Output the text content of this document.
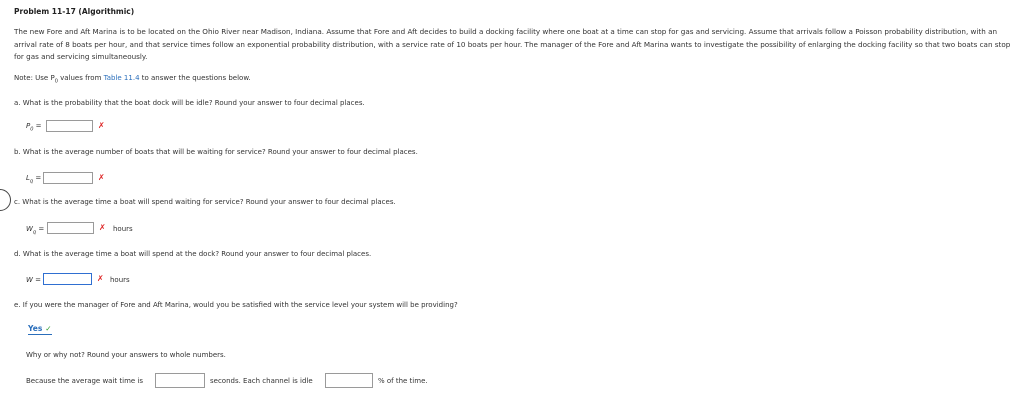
Problem 11-17 (Algorithmic)
The new Fore and Aft Marina is to be located on the Ohio River near Madison, Indiana. Assume that Fore and Aft decides to build a docking facility where one boat at a time can stop for gas and servicing. Assume that arrivals follow a Poisson probability distribution, with an arrival rate of 8 boats per hour, and that service times follow an exponential probability distribution, with a service rate of 10 boats per hour. The manager of the Fore and Aft Marina wants to investigate the possibility of enlarging the docking facility so that two boats can stop for gas and servicing simultaneously.
Note: Use $P_0$ values from Table 11.4 to answer the questions below.
a. What is the probability that the boat dock will be idle? Round your answer to four decimal places.
$P_0$ =	✗
b. What is the average number of boats that will be waiting for service? Round your answer to four decimal places.
$L_q$ =	✗
c. What is the average time a boat will spend waiting for service? Round your answer to four decimal places.
$W_q$ =	✗ hours
d. What is the average time a boat will spend at the dock? Round your answer to four decimal places.
W =	✗ hours
e. If you were the manager of Fore and Aft Marina, would you be satisfied with the service level your system will be providing?
Yes ✓
Why or why not? Round your answers to whole numbers.
Because the average wait time is	seconds. Each channel is idle	% of the time.
